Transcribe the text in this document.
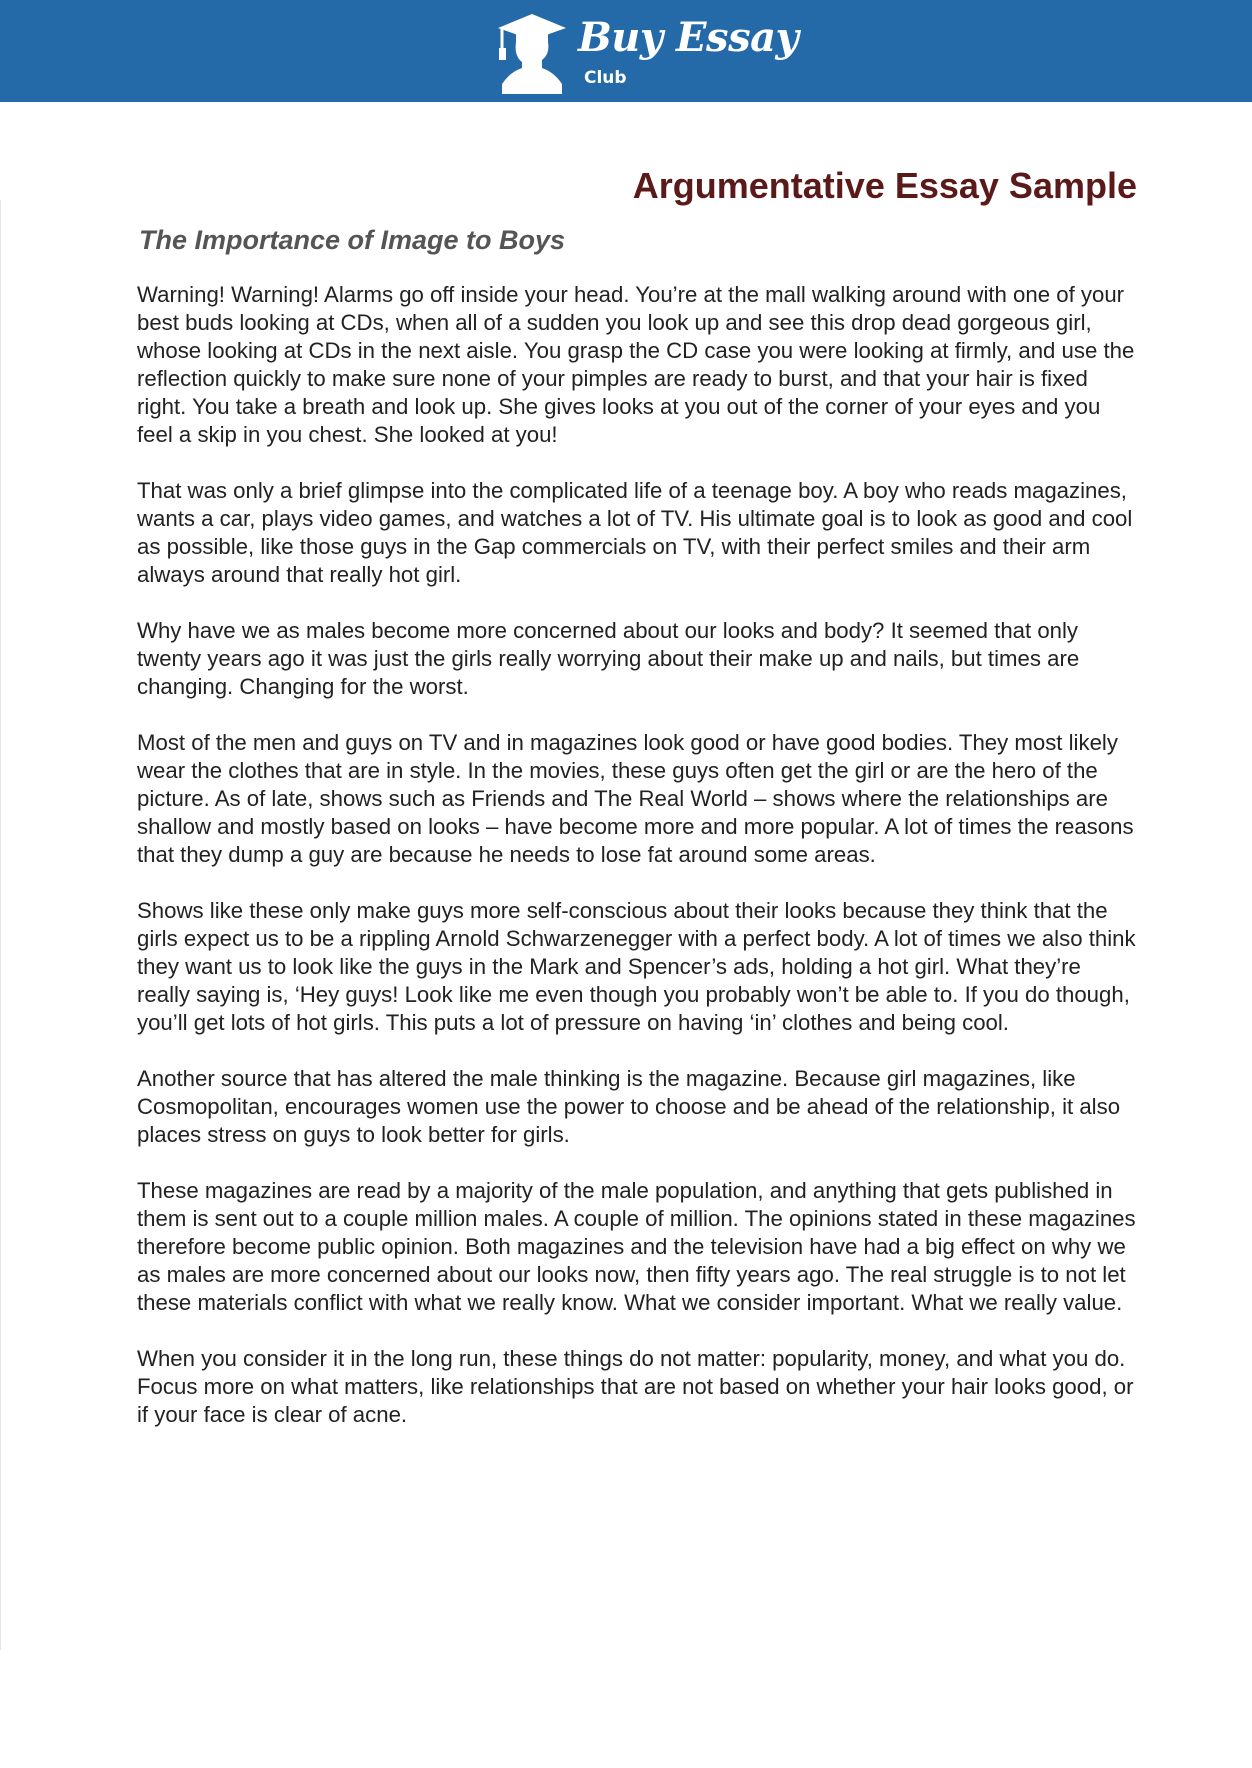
Buy Essay
Club
Argumentative Essay Sample
The Importance of Image to Boys

Warning! Warning! Alarms go off inside your head. You’re at the mall walking around with one of your best buds looking at CDs, when all of a sudden you look up and see this drop dead gorgeous girl, whose looking at CDs in the next aisle. You grasp the CD case you were looking at firmly, and use the reflection quickly to make sure none of your pimples are ready to burst, and that your hair is fixed right. You take a breath and look up. She gives looks at you out of the corner of your eyes and you feel a skip in you chest. She looked at you!

That was only a brief glimpse into the complicated life of a teenage boy. A boy who reads magazines, wants a car, plays video games, and watches a lot of TV. His ultimate goal is to look as good and cool as possible, like those guys in the Gap commercials on TV, with their perfect smiles and their arm always around that really hot girl.

Why have we as males become more concerned about our looks and body? It seemed that only twenty years ago it was just the girls really worrying about their make up and nails, but times are changing. Changing for the worst.

Most of the men and guys on TV and in magazines look good or have good bodies. They most likely wear the clothes that are in style. In the movies, these guys often get the girl or are the hero of the picture. As of late, shows such as Friends and The Real World – shows where the relationships are shallow and mostly based on looks – have become more and more popular. A lot of times the reasons that they dump a guy are because he needs to lose fat around some areas.

Shows like these only make guys more self-conscious about their looks because they think that the girls expect us to be a rippling Arnold Schwarzenegger with a perfect body. A lot of times we also think they want us to look like the guys in the Mark and Spencer’s ads, holding a hot girl. What they’re really saying is, ‘Hey guys! Look like me even though you probably won’t be able to. If you do though, you’ll get lots of hot girls. This puts a lot of pressure on having ‘in’ clothes and being cool.

Another source that has altered the male thinking is the magazine. Because girl magazines, like Cosmopolitan, encourages women use the power to choose and be ahead of the relationship, it also places stress on guys to look better for girls.

These magazines are read by a majority of the male population, and anything that gets published in them is sent out to a couple million males. A couple of million. The opinions stated in these magazines therefore become public opinion. Both magazines and the television have had a big effect on why we as males are more concerned about our looks now, then fifty years ago. The real struggle is to not let these materials conflict with what we really know. What we consider important. What we really value.

When you consider it in the long run, these things do not matter: popularity, money, and what you do. Focus more on what matters, like relationships that are not based on whether your hair looks good, or if your face is clear of acne.
